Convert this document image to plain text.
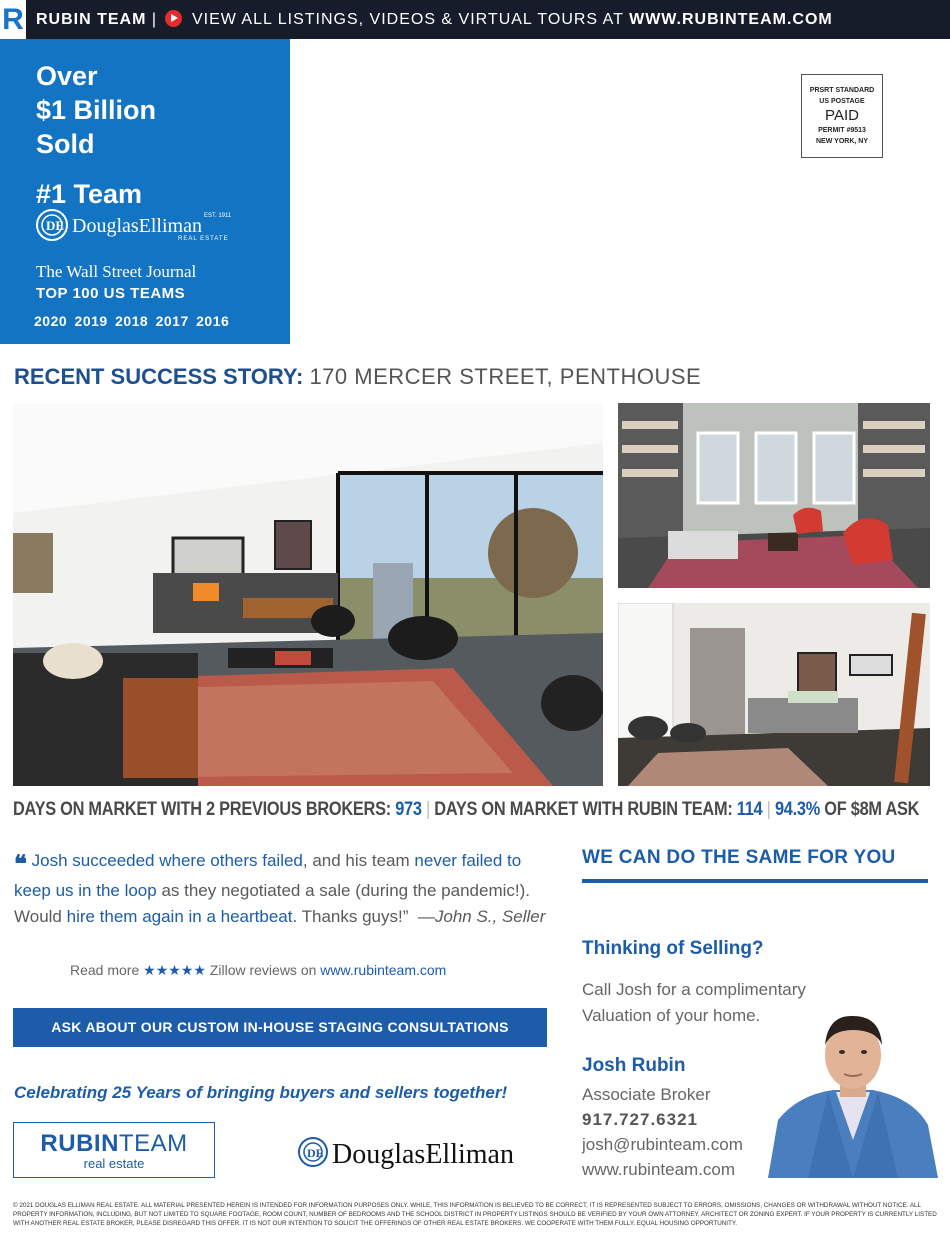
R RUBIN TEAM | VIEW ALL LISTINGS, VIDEOS & VIRTUAL TOURS AT WWW.RUBINTEAM.COM
Over
$1 Billion
Sold
#1 Team
DE DouglasElliman EST. 1911
REAL ESTATE
The Wall Street Journal
TOP 100 US TEAMS
2020 2019 2018 2017 2016
PRSRT STANDARD
US POSTAGE
PAID
PERMIT #9513
NEW YORK, NY
RECENT SUCCESS STORY: 170 MERCER STREET, PENTHOUSE
DAYS ON MARKET WITH 2 PREVIOUS BROKERS: 973 | DAYS ON MARKET WITH RUBIN TEAM: 114 | 94.3% OF $8M ASK
❝ Josh succeeded where others failed, and his team never failed to keep us in the loop as they negotiated a sale (during the pandemic!). Would hire them again in a heartbeat. Thanks guys!” —John S., Seller
Read more ★★★★★ Zillow reviews on www.rubinteam.com
ASK ABOUT OUR CUSTOM IN-HOUSE STAGING CONSULTATIONS
Celebrating 25 Years of bringing buyers and sellers together!
RUBINTEAM
real estate
DE DouglasElliman
WE CAN DO THE SAME FOR YOU
Thinking of Selling?
Call Josh for a complimentary Valuation of your home.
Josh Rubin
Associate Broker
917.727.6321
josh@rubinteam.com
www.rubinteam.com
© 2021 DOUGLAS ELLIMAN REAL ESTATE. ALL MATERIAL PRESENTED HEREIN IS INTENDED FOR INFORMATION PURPOSES ONLY. WHILE, THIS INFORMATION IS BELIEVED TO BE CORRECT, IT IS REPRESENTED SUBJECT TO ERRORS, OMISSIONS, CHANGES OR WITHDRAWAL WITHOUT NOTICE. ALL PROPERTY INFORMATION, INCLUDING, BUT NOT LIMITED TO SQUARE FOOTAGE, ROOM COUNT, NUMBER OF BEDROOMS AND THE SCHOOL DISTRICT IN PROPERTY LISTINGS SHOULD BE VERIFIED BY YOUR OWN ATTORNEY, ARCHITECT OR ZONING EXPERT. IF YOUR PROPERTY IS CURRENTLY LISTED WITH ANOTHER REAL ESTATE BROKER, PLEASE DISREGARD THIS OFFER. IT IS NOT OUR INTENTION TO SOLICIT THE OFFERINGS OF OTHER REAL ESTATE BROKERS. WE COOPERATE WITH THEM FULLY. EQUAL HOUSING OPPORTUNITY.
